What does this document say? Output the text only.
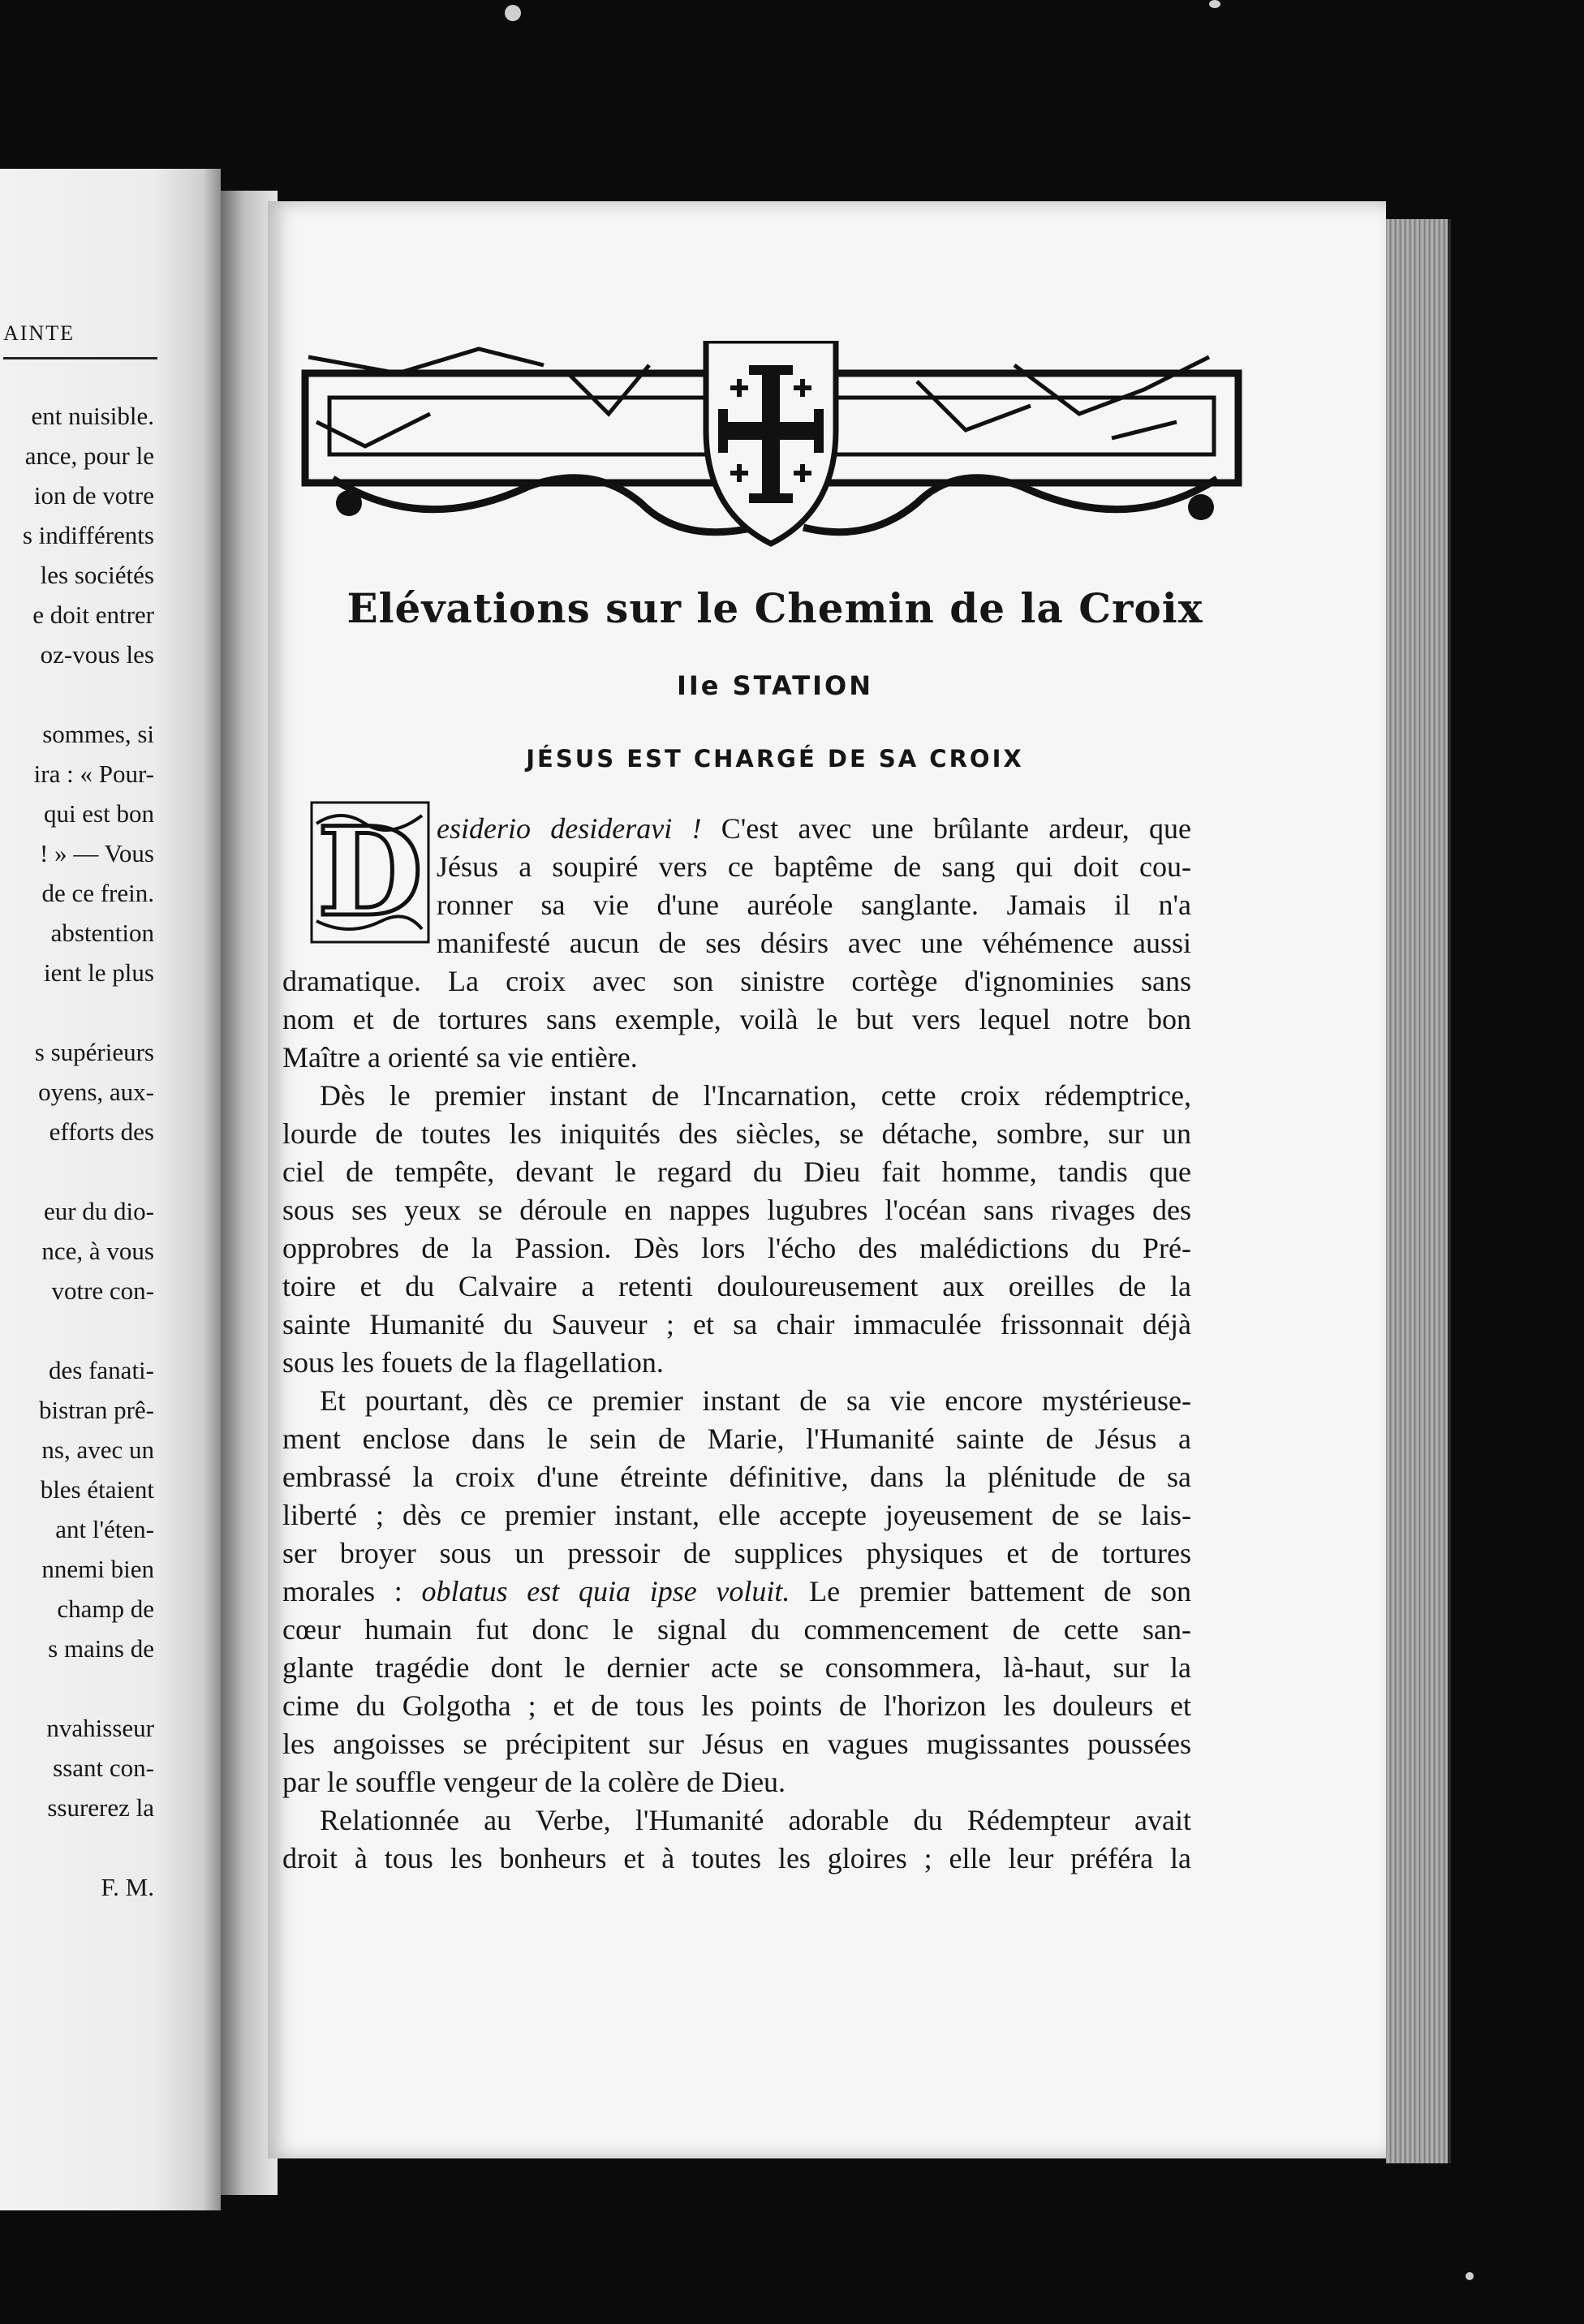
AINTE
ent nuisible.
ance, pour le
ion de votre
s indifférents
les sociétés
e doit entrer
oz-vous les
sommes, si
ira : « Pour-
qui est bon
! » — Vous
de ce frein.
abstention
ient le plus
s supérieurs
oyens, aux-
efforts des
eur du dio-
nce, à vous
votre con-
des fanati-
bistran prê-
ns, avec un
bles étaient
ant l'éten-
nnemi bien
champ de
s mains de
nvahisseur
ssant con-
ssurerez la
F. M.
Elévations sur le Chemin de la Croix
IIe STATION
JÉSUS EST CHARGÉ DE SA CROIX
D esiderio desideravi ! C'est avec une brûlante ardeur, que
Jésus a soupiré vers ce baptême de sang qui doit cou-
ronner sa vie d'une auréole sanglante. Jamais il n'a
manifesté aucun de ses désirs avec une véhémence aussi
dramatique. La croix avec son sinistre cortège d'ignominies sans
nom et de tortures sans exemple, voilà le but vers lequel notre bon
Maître a orienté sa vie entière.
Dès le premier instant de l'Incarnation, cette croix rédemptrice,
lourde de toutes les iniquités des siècles, se détache, sombre, sur un
ciel de tempête, devant le regard du Dieu fait homme, tandis que
sous ses yeux se déroule en nappes lugubres l'océan sans rivages des
opprobres de la Passion. Dès lors l'écho des malédictions du Pré-
toire et du Calvaire a retenti douloureusement aux oreilles de la
sainte Humanité du Sauveur ; et sa chair immaculée frissonnait déjà
sous les fouets de la flagellation.
Et pourtant, dès ce premier instant de sa vie encore mystérieuse-
ment enclose dans le sein de Marie, l'Humanité sainte de Jésus a
embrassé la croix d'une étreinte définitive, dans la plénitude de sa
liberté ; dès ce premier instant, elle accepte joyeusement de se lais-
ser broyer sous un pressoir de supplices physiques et de tortures
morales : oblatus est quia ipse voluit. Le premier battement de son
cœur humain fut donc le signal du commencement de cette san-
glante tragédie dont le dernier acte se consommera, là-haut, sur la
cime du Golgotha ; et de tous les points de l'horizon les douleurs et
les angoisses se précipitent sur Jésus en vagues mugissantes poussées
par le souffle vengeur de la colère de Dieu.
Relationnée au Verbe, l'Humanité adorable du Rédempteur avait
droit à tous les bonheurs et à toutes les gloires ; elle leur préféra la
